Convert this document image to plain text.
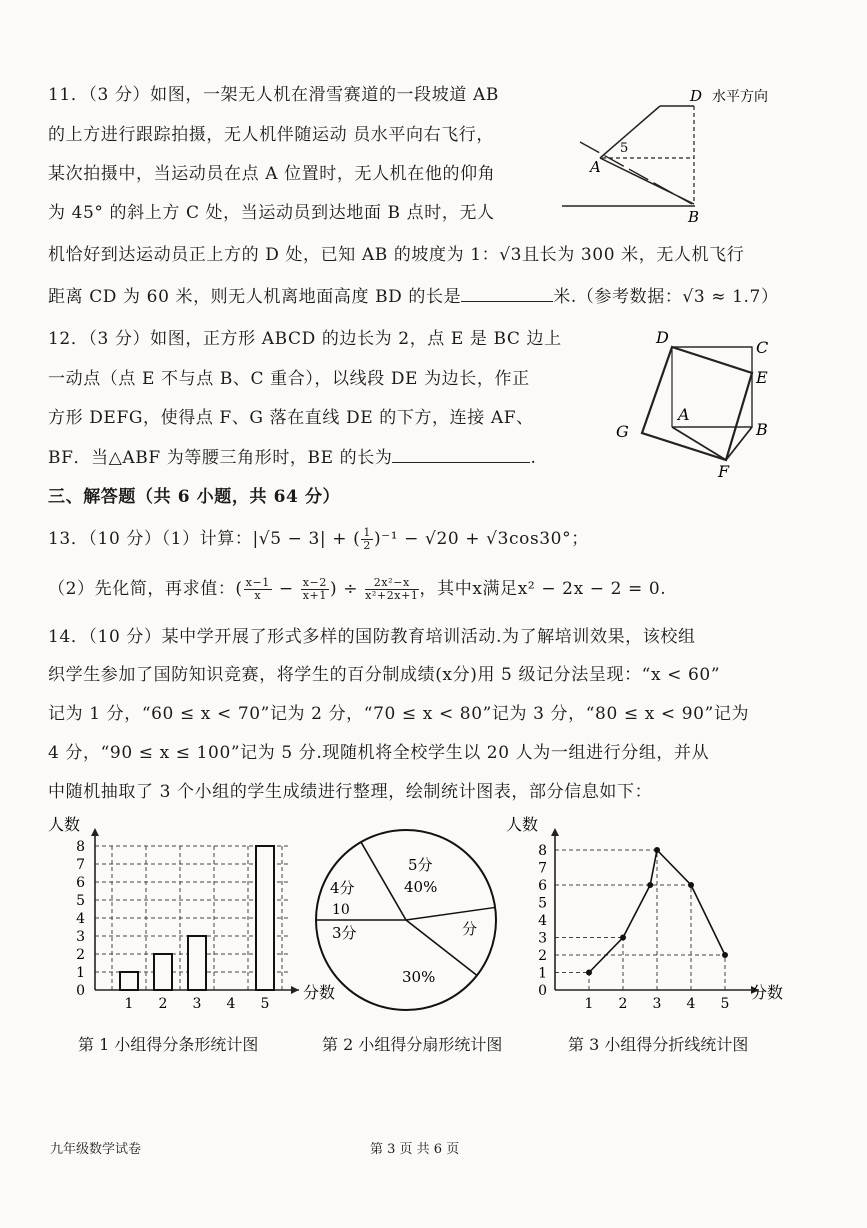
11．（3 分）如图，一架无人机在滑雪赛道的一段坡道 AB
的上方进行跟踪拍摄，无人机伴随运动 员水平向右飞行，
某次拍摄中，当运动员在点 A 位置时，无人机在他的仰角
为 45° 的斜上方 C 处，当运动员到达地面 B 点时，无人
机恰好到达运动员正上方的 D 处，已知 AB 的坡度为 1：√3且长为 300 米，无人机飞行
距离 CD 为 60 米，则无人机离地面高度 BD 的长是	米.（参考数据：√3 ≈ 1.7）
D 水平方向
5
A
B
12．（3 分）如图，正方形 ABCD 的边长为 2，点 E 是 BC 边上
一动点（点 E 不与点 B、C 重合），以线段 DE 为边长，作正
方形 DEFG，使得点 F、G 落在直线 DE 的下方，连接 AF、
BF．当△ABF 为等腰三角形时，BE 的长为	.
D
C
E
A
B
G
F
三、解答题（共 6 小题，共 64 分）
13．（10 分）（1）计算：|√5 − 3| + ( $\frac{1}{2} )^{-1} - √20 + √3\cos 30^\circ$；
（2）先化简，再求值：( $\frac{x-1}{x} - \frac{x-2}{x+1}$ ) ÷ $\frac{\text{2x²−x}}{\text{x²+2x+1}}$ ，其中x满足x² − 2x − 2 = 0.
14．（10 分）某中学开展了形式多样的国防教育培训活动.为了解培训效果，该校组
织学生参加了国防知识竞赛，将学生的百分制成绩(x分)用 5 级记分法呈现：“x < 60”
记为 1 分，“60 ≤ x < 70”记为 2 分，“70 ≤ x < 80”记为 3 分，“80 ≤ x < 90”记为
4 分，“90 ≤ x ≤ 100”记为 5 分.现随机将全校学生以 20 人为一组进行分组，并从
中随机抽取了 3 个小组的学生成绩进行整理，绘制统计图表，部分信息如下：
0
1
2
3
4
5
6
7
8
1 2 3 4 5
人数
分数
5分
40%
4分
10
3分	分
30%
0
1
2
3
4
5
6
7
8
1 2 3 4 5
人数
分数
第 1 小组得分条形统计图	第 2 小组得分扇形统计图	第 3 小组得分折线统计图
九年级数学试卷	第 3 页 共 6 页
